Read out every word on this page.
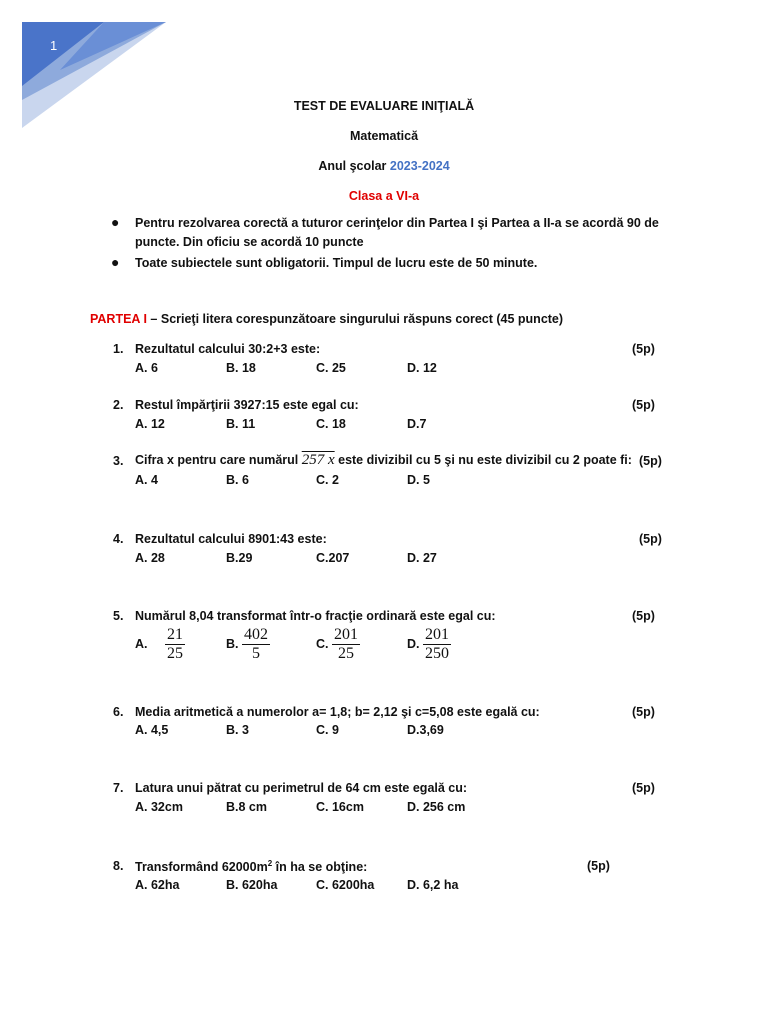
1
TEST DE EVALUARE INIŢIALĂ
Matematică
Anul şcolar 2023-2024
Clasa a VI-a
● Pentru rezolvarea corectă a tuturor cerinţelor din Partea I şi Partea a II-a se acordă 90 de puncte. Din oficiu se acordă 10 puncte
● Toate subiectele sunt obligatorii. Timpul de lucru este de 50 minute.
PARTEA I – Scrieţi litera corespunzătoare singurului răspuns corect (45 puncte)
1. Rezultatul calcului 30:2+3 este:	(5p)
A. 6	B. 18	C. 25	D. 12
2. Restul împărţirii 3927:15 este egal cu:	(5p)
A. 12	B. 11	C. 18	D.7
3. Cifra x pentru care numărul 257 x este divizibil cu 5 şi nu este divizibil cu 2 poate fi: (5p)
A. 4	B. 6	C. 2	D. 5
4. Rezultatul calcului 8901:43 este:	(5p)
A. 28	B.29	C.207	D. 27
5. Numărul 8,04 transformat într-o fracţie ordinară este egal cu:	(5p)
A. $\frac{21}{25}$	B. $\frac{402}{5}$	C. $\frac{201}{25}$	D. $\frac{201}{250}$
6. Media aritmetică a numerolor a= 1,8; b= 2,12 şi c=5,08 este egală cu:	(5p)
A. 4,5	B. 3	C. 9	D.3,69
7. Latura unui pătrat cu perimetrul de 64 cm este egală cu:	(5p)
A. 32cm	B.8 cm	C. 16cm	D. 256 cm
8. Transformând $62000m^2$ în ha se obţine:	(5p)
A. 62ha	B. 620ha	C. 6200ha	D. 6,2 ha
